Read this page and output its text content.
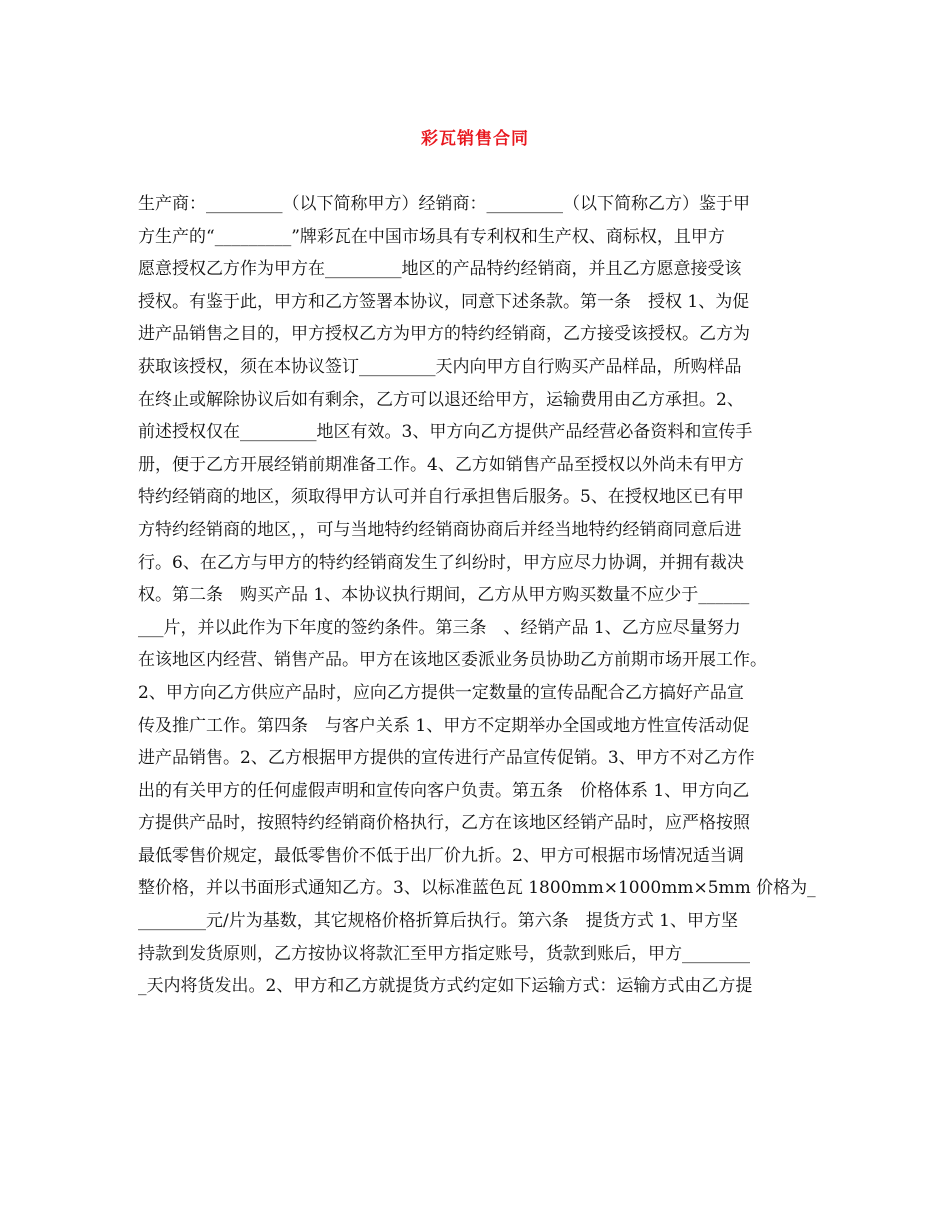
彩瓦销售合同
生产商：_________（以下简称甲方）经销商：_________（以下简称乙方）鉴于甲
方生产的“_________”牌彩瓦在中国市场具有专利权和生产权、商标权，且甲方
愿意授权乙方作为甲方在_________地区的产品特约经销商，并且乙方愿意接受该
授权。有鉴于此，甲方和乙方签署本协议，同意下述条款。第一条　授权 1、为促
进产品销售之目的，甲方授权乙方为甲方的特约经销商，乙方接受该授权。乙方为
获取该授权，须在本协议签订_________天内向甲方自行购买产品样品，所购样品
在终止或解除协议后如有剩余，乙方可以退还给甲方，运输费用由乙方承担。2、
前述授权仅在_________地区有效。3、甲方向乙方提供产品经营必备资料和宣传手
册，便于乙方开展经销前期准备工作。4、乙方如销售产品至授权以外尚未有甲方
特约经销商的地区，须取得甲方认可并自行承担售后服务。5、在授权地区已有甲
方特约经销商的地区，，可与当地特约经销商协商后并经当地特约经销商同意后进
行。6、在乙方与甲方的特约经销商发生了纠纷时，甲方应尽力协调，并拥有裁决
权。第二条　购买产品 1、本协议执行期间，乙方从甲方购买数量不应少于______
___片，并以此作为下年度的签约条件。第三条　、经销产品 1、乙方应尽量努力
在该地区内经营、销售产品。甲方在该地区委派业务员协助乙方前期市场开展工作。
2、甲方向乙方供应产品时，应向乙方提供一定数量的宣传品配合乙方搞好产品宣
传及推广工作。第四条　与客户关系 1、甲方不定期举办全国或地方性宣传活动促
进产品销售。2、乙方根据甲方提供的宣传进行产品宣传促销。3、甲方不对乙方作
出的有关甲方的任何虚假声明和宣传向客户负责。第五条　价格体系 1、甲方向乙
方提供产品时，按照特约经销商价格执行，乙方在该地区经销产品时，应严格按照
最低零售价规定，最低零售价不低于出厂价九折。2、甲方可根据市场情况适当调
整价格，并以书面形式通知乙方。3、以标准蓝色瓦 1800mm×1000mm×5mm 价格为_
________元/片为基数，其它规格价格折算后执行。第六条　提货方式 1、甲方坚
持款到发货原则，乙方按协议将款汇至甲方指定账号，货款到账后，甲方________
_天内将货发出。2、甲方和乙方就提货方式约定如下运输方式：运输方式由乙方提
